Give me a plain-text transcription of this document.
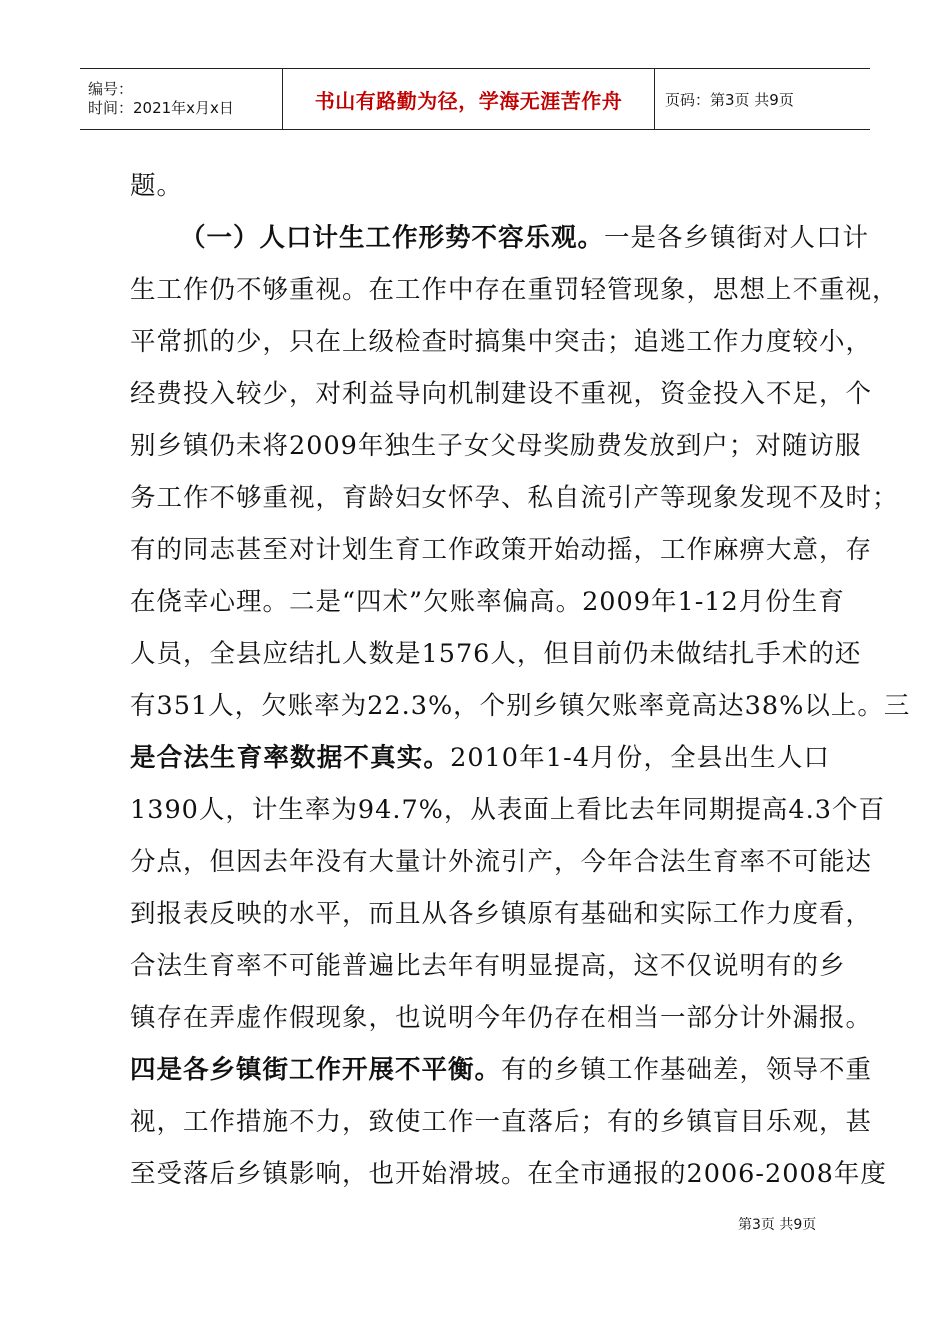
编号：
时间：2021年x月x日	书山有路勤为径，学海无涯苦作舟	页码：第3页 共9页
题。
（一）人口计生工作形势不容乐观。一是各乡镇街对人口计
生工作仍不够重视。在工作中存在重罚轻管现象，思想上不重视，
平常抓的少，只在上级检查时搞集中突击；追逃工作力度较小，
经费投入较少，对利益导向机制建设不重视，资金投入不足，个
别乡镇仍未将2009年独生子女父母奖励费发放到户；对随访服
务工作不够重视，育龄妇女怀孕、私自流引产等现象发现不及时；
有的同志甚至对计划生育工作政策开始动摇，工作麻痹大意，存
在侥幸心理。二是“四术”欠账率偏高。2009年1-12月份生育
人员，全县应结扎人数是1576人，但目前仍未做结扎手术的还
有351人，欠账率为22.3%，个别乡镇欠账率竟高达38%以上。三
是合法生育率数据不真实。2010年1-4月份，全县出生人口
1390人，计生率为94.7%，从表面上看比去年同期提高4.3个百
分点，但因去年没有大量计外流引产，今年合法生育率不可能达
到报表反映的水平，而且从各乡镇原有基础和实际工作力度看，
合法生育率不可能普遍比去年有明显提高，这不仅说明有的乡
镇存在弄虚作假现象，也说明今年仍存在相当一部分计外漏报。
四是各乡镇街工作开展不平衡。有的乡镇工作基础差，领导不重
视，工作措施不力，致使工作一直落后；有的乡镇盲目乐观，甚
至受落后乡镇影响，也开始滑坡。在全市通报的2006-2008年度
第3页 共9页
